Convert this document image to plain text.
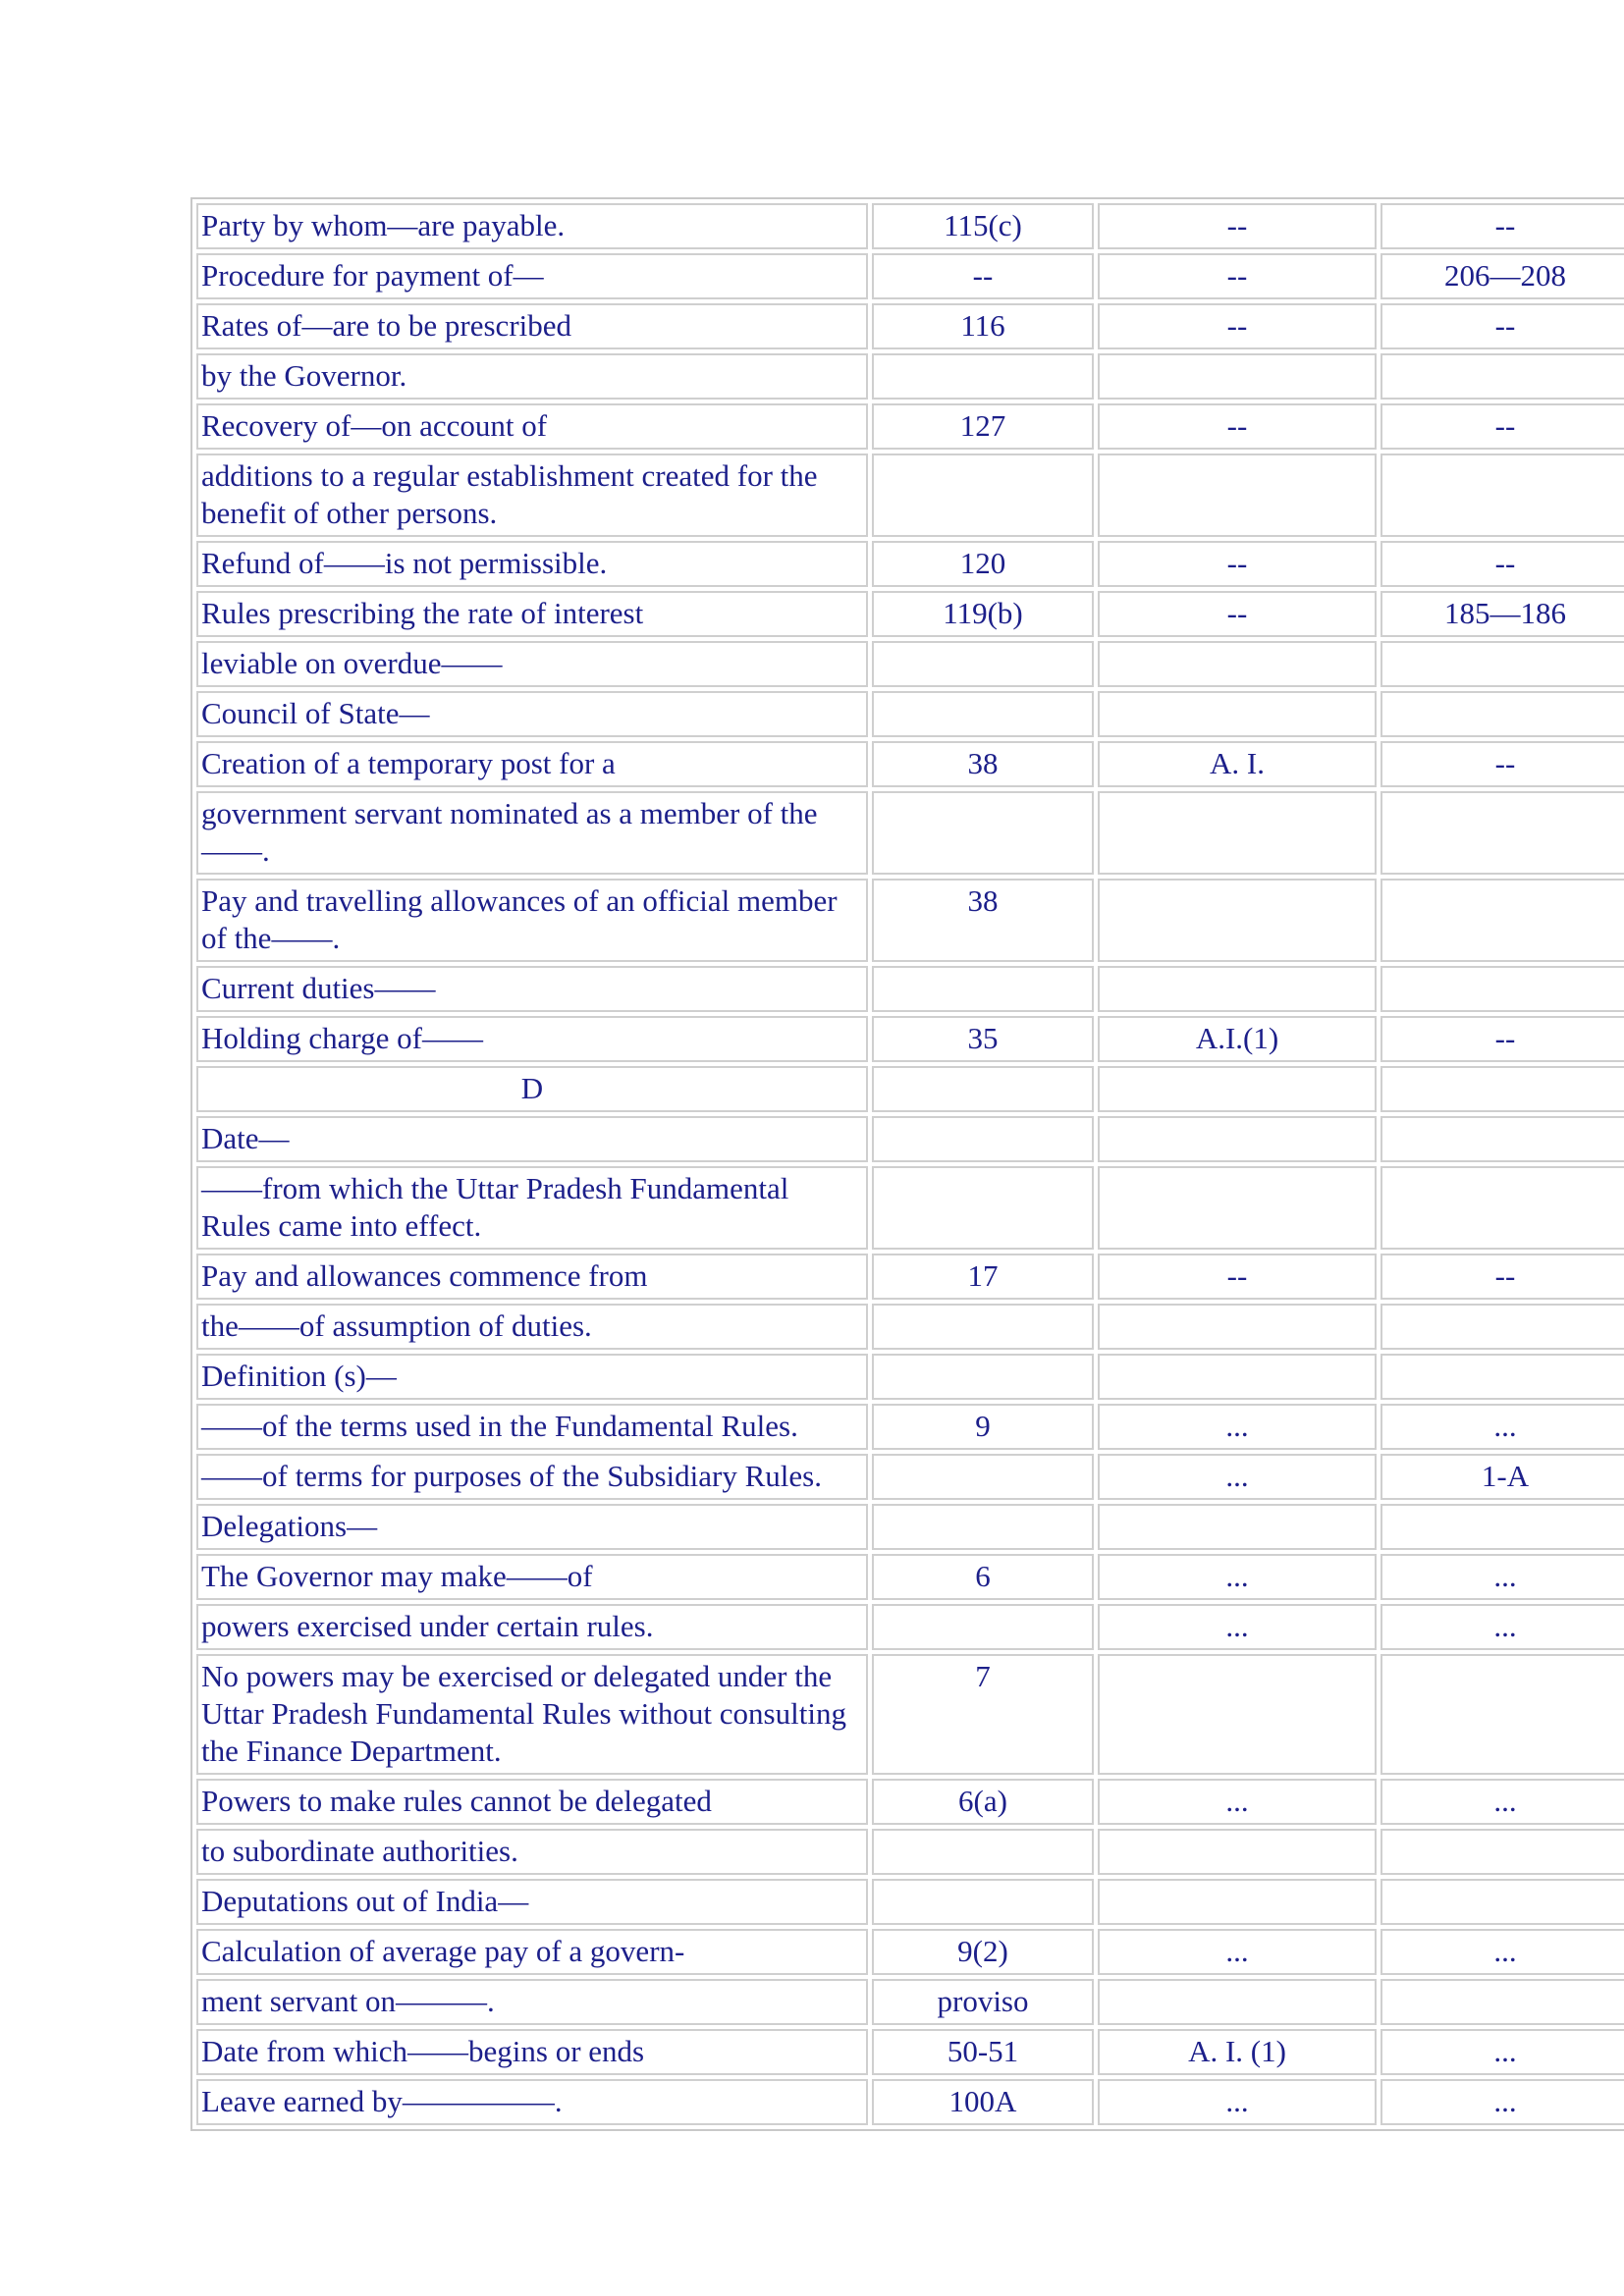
Party by whom—are payable.	115(c)	--	--
Procedure for payment of—	--	--	206—208
Rates of—are to be prescribed	116	--	--
by the Governor.			
Recovery of—on account of	127	--	--
additions to a regular establishment created for the benefit of other persons.			
Refund of——is not permissible.	120	--	--
Rules prescribing the rate of interest	119(b)	--	185—186
leviable on overdue——			
Council of State—			
Creation of a temporary post for a	38	A. I.	--
government servant nominated as a member of the——.			
Pay and travelling allowances of an official member of the——.	38		
Current duties——			
Holding charge of——	35	A.I.(1)	--
D			
Date—			
——from which the Uttar Pradesh Fundamental Rules came into effect.			
Pay and allowances commence from	17	--	--
the——of assumption of duties.			
Definition (s)—			
——of the terms used in the Fundamental Rules.	9	...	...
——of terms for purposes of the Subsidiary Rules.		...	1-A
Delegations—			
The Governor may make——of	6	...	...
powers exercised under certain rules.		...	...
No powers may be exercised or delegated under the Uttar Pradesh Fundamental Rules without consulting the Finance Department.	7		
Powers to make rules cannot be delegated	6(a)	...	...
to subordinate authorities.			
Deputations out of India—			
Calculation of average pay of a govern-	9(2)	...	...
ment servant on———.	proviso		
Date from which——begins or ends	50-51	A. I. (1)	...
Leave earned by—————.	100A	...	...
